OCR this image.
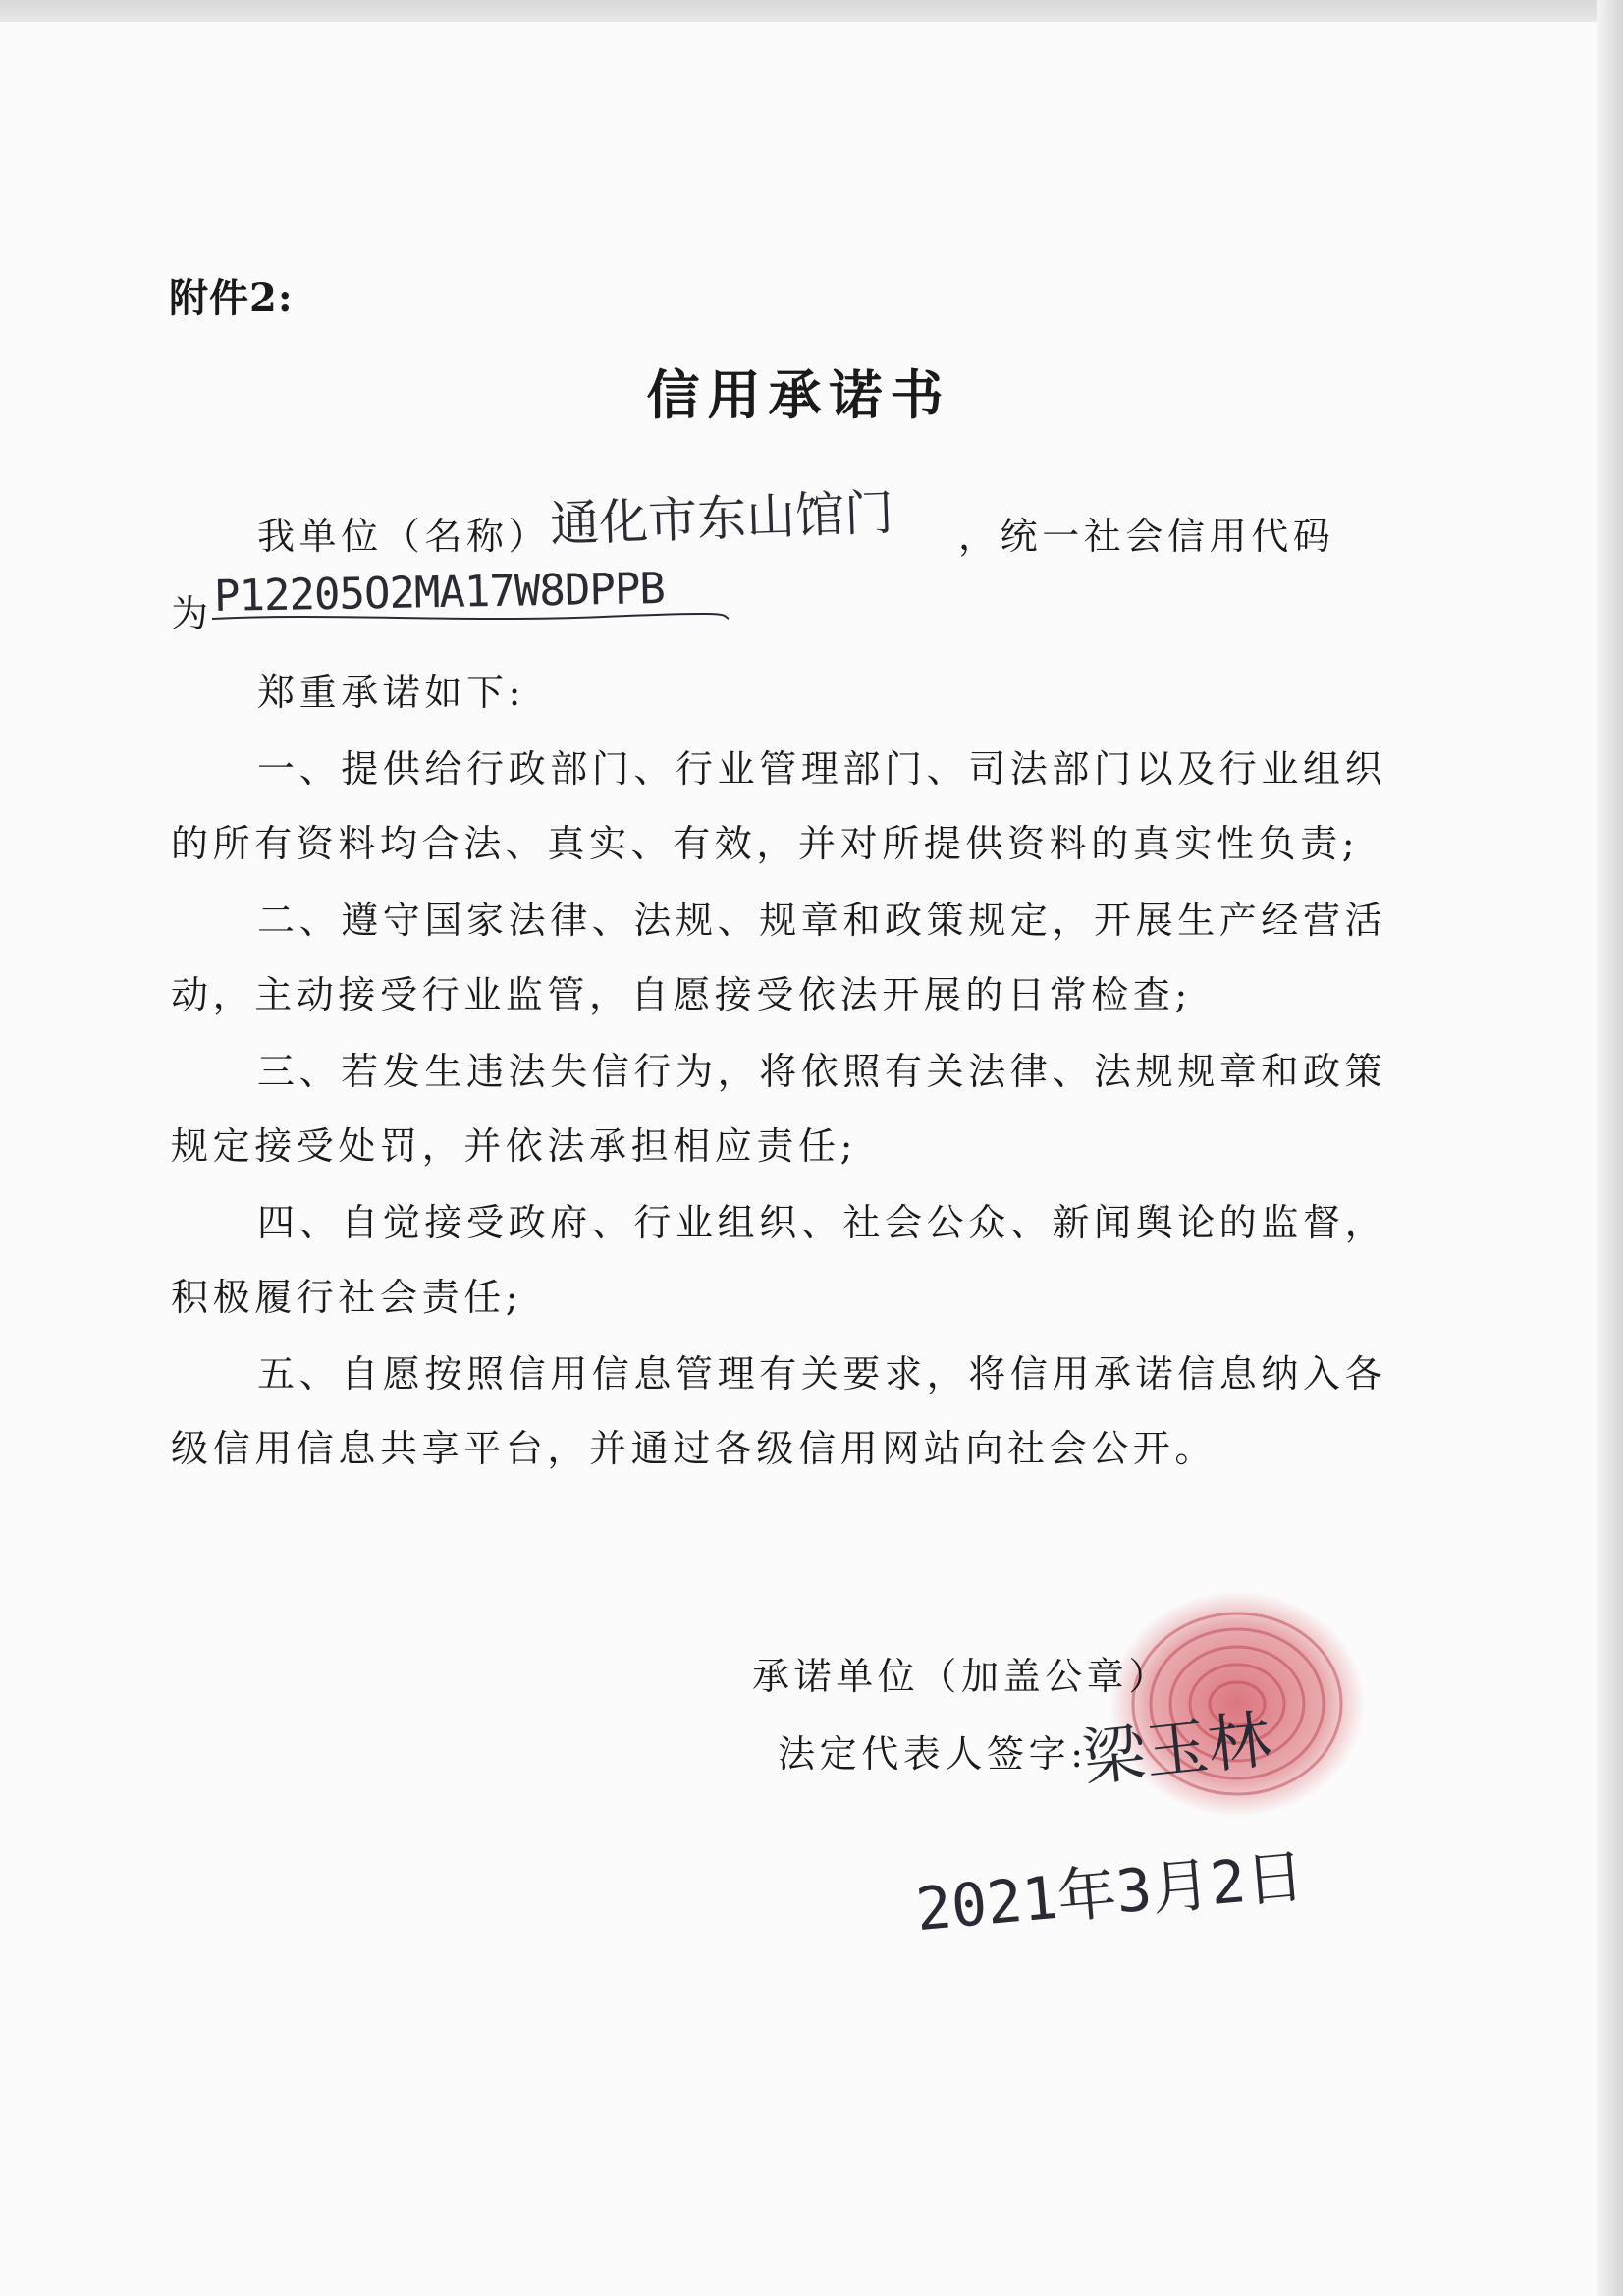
附件2:
信用承诺书
我单位（名称） 通化市东山馆门 ，统一社会信用代码
为 P12205O2MA17W8DPPB
郑重承诺如下:
一、提供给行政部门、行业管理部门、司法部门以及行业组织
的所有资料均合法、真实、有效，并对所提供资料的真实性负责;
二、遵守国家法律、法规、规章和政策规定，开展生产经营活
动，主动接受行业监管，自愿接受依法开展的日常检查;
三、若发生违法失信行为，将依照有关法律、法规规章和政策
规定接受处罚，并依法承担相应责任;
四、自觉接受政府、行业组织、社会公众、新闻舆论的监督，
积极履行社会责任;
五、自愿按照信用信息管理有关要求，将信用承诺信息纳入各
级信用信息共享平台，并通过各级信用网站向社会公开。
承诺单位（加盖公章）
法定代表人签字:
梁玉林
2021年3月2日
